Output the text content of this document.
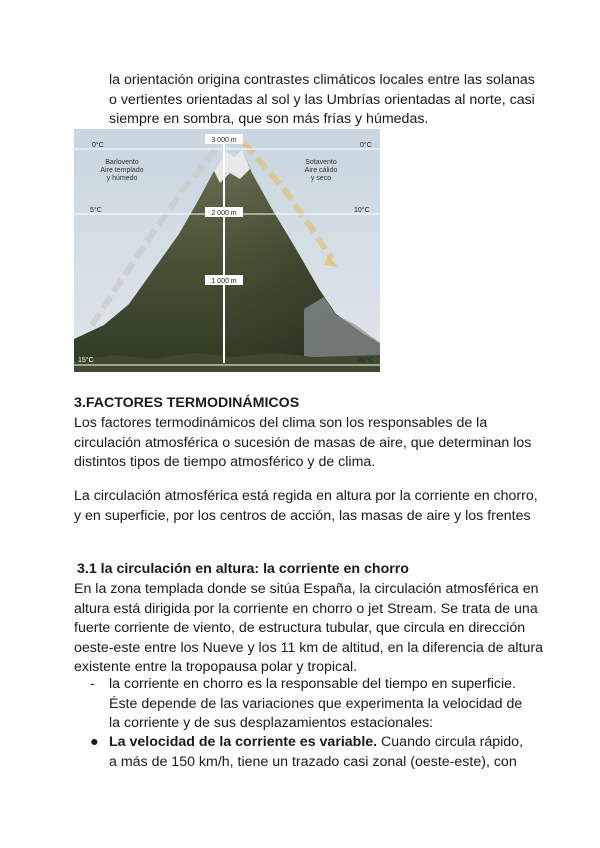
la orientación origina contrastes climáticos locales entre las solanas o vertientes orientadas al sol y las Umbrías orientadas al norte, casi siempre en sombra, que son más frías y húmedas.

3 000 m
2 000 m
1 000 m
0°C	0°C
5°C	10°C
15°C	30°C
Barlovento
Aire templado
y húmedo
Sotavento
Aire cálido
y seco

3.FACTORES TERMODINÁMICOS

Los factores termodinámicos del clima son los responsables de la circulación atmosférica o sucesión de masas de aire, que determinan los distintos tipos de tiempo atmosférico y de clima.

La circulación atmosférica está regida en altura por la corriente en chorro, y en superficie, por los centros de acción, las masas de aire y los frentes

3.1 la circulación en altura: la corriente en chorro

En la zona templada donde se sitúa España, la circulación atmosférica en altura está dirigida por la corriente en chorro o jet Stream. Se trata de una fuerte corriente de viento, de estructura tubular, que circula en dirección oeste-este entre los Nueve y los 11 km de altitud, en la diferencia de altura existente entre la tropopausa polar y tropical.

- la corriente en chorro es la responsable del tiempo en superficie. Éste depende de las variaciones que experimenta la velocidad de la corriente y de sus desplazamientos estacionales:

● La velocidad de la corriente es variable. Cuando circula rápido, a más de 150 km/h, tiene un trazado casi zonal (oeste-este), con
